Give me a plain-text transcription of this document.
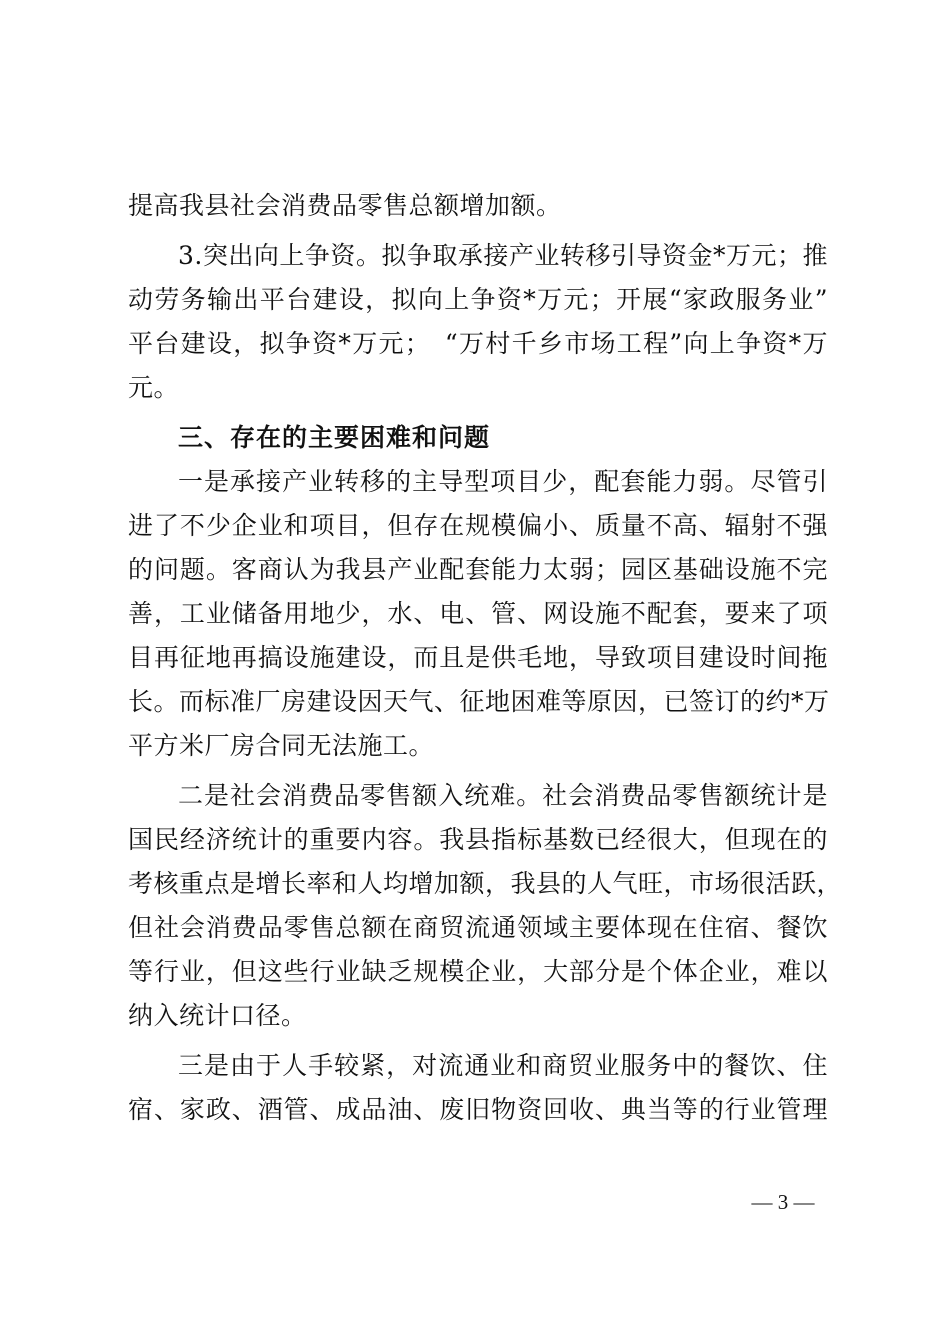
提高我县社会消费品零售总额增加额。
3.突出向上争资。拟争取承接产业转移引导资金*万元；推
动劳务输出平台建设，拟向上争资*万元；开展“家政服务业”
平台建设，拟争资*万元；　“万村千乡市场工程”向上争资*万
元。
三、存在的主要困难和问题
一是承接产业转移的主导型项目少，配套能力弱。尽管引
进了不少企业和项目，但存在规模偏小、质量不高、辐射不强
的问题。客商认为我县产业配套能力太弱；园区基础设施不完
善，工业储备用地少，水、电、管、网设施不配套，要来了项
目再征地再搞设施建设，而且是供毛地，导致项目建设时间拖
长。而标准厂房建设因天气、征地困难等原因，已签订的约*万
平方米厂房合同无法施工。
二是社会消费品零售额入统难。社会消费品零售额统计是
国民经济统计的重要内容。我县指标基数已经很大，但现在的
考核重点是增长率和人均增加额，我县的人气旺，市场很活跃，
但社会消费品零售总额在商贸流通领域主要体现在住宿、餐饮
等行业，但这些行业缺乏规模企业，大部分是个体企业，难以
纳入统计口径。
三是由于人手较紧，对流通业和商贸业服务中的餐饮、住
宿、家政、酒管、成品油、废旧物资回收、典当等的行业管理
— 3 —
